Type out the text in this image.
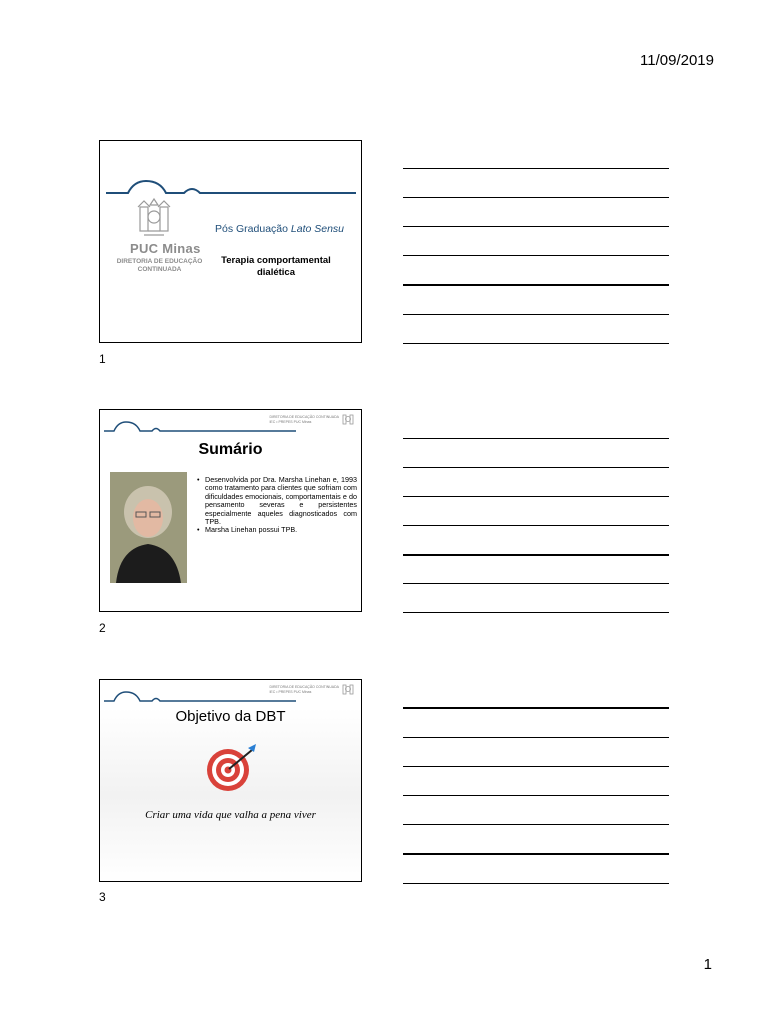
11/09/2019
PUC Minas
DIRETORIA DE EDUCAÇÃO CONTINUADA
Pós Graduação Lato Sensu
Terapia comportamental dialética
1
DIRETORIA DE EDUCAÇÃO CONTINUADA
IEC • PREPES PUC Minas
Sumário
• Desenvolvida por Dra. Marsha Linehan e, 1993 como tratamento para clientes que sofriam com dificuldades emocionais, comportamentais e do pensamento severas e persistentes especialmente aqueles diagnosticados com TPB.
• Marsha Linehan possui TPB.
2
DIRETORIA DE EDUCAÇÃO CONTINUADA
IEC • PREPES PUC Minas
Objetivo da DBT
Criar uma vida que valha a pena viver
3
1
